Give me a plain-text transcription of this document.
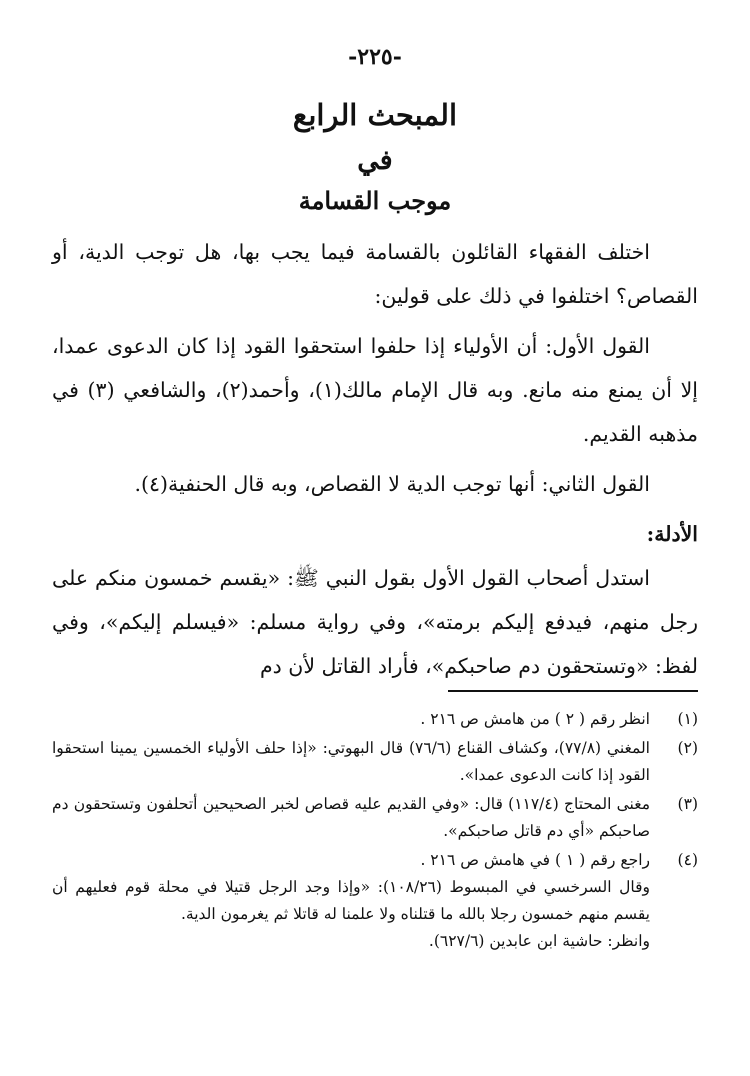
-٢٢٥-
المبحث الرابع
في
موجب القسامة

اختلف الفقهاء القائلون بالقسامة فيما يجب بها، هل توجب الدية، أو القصاص؟ اختلفوا في ذلك على قولين:

القول الأول: أن الأولياء إذا حلفوا استحقوا القود إذا كان الدعوى عمدا، إلا أن يمنع منه مانع. وبه قال الإمام مالك(١)، وأحمد(٢)، والشافعي (٣) في مذهبه القديم.

القول الثاني: أنها توجب الدية لا القصاص، وبه قال الحنفية(٤).

الأدلة:

استدل أصحاب القول الأول بقول النبي ﷺ: «يقسم خمسون منكم على رجل منهم، فيدفع إليكم برمته»، وفي رواية مسلم: «فيسلم إليكم»، وفي لفظ: «وتستحقون دم صاحبكم»، فأراد القاتل لأن دم

(١)
انظر رقم ( ٢ ) من هامش ص ٢١٦ .
(٢)
المغني (٧٧/٨)، وكشاف القناع (٧٦/٦) قال البهوتي: «إذا حلف الأولياء الخمسين يمينا استحقوا القود إذا كانت الدعوى عمدا».
(٣)
مغنى المحتاج (١١٧/٤) قال: «وفي القديم عليه قصاص لخبر الصحيحين أتحلفون وتستحقون دم صاحبكم «أي دم قاتل صاحبكم».
(٤)
راجع رقم ( ١ ) في هامش ص ٢١٦ .
وقال السرخسي في المبسوط (١٠٨/٢٦): «وإذا وجد الرجل قتيلا في محلة قوم فعليهم أن يقسم منهم خمسون رجلا بالله ما قتلناه ولا علمنا له قاتلا ثم يغرمون الدية.
وانظر: حاشية ابن عابدين (٦٢٧/٦).
